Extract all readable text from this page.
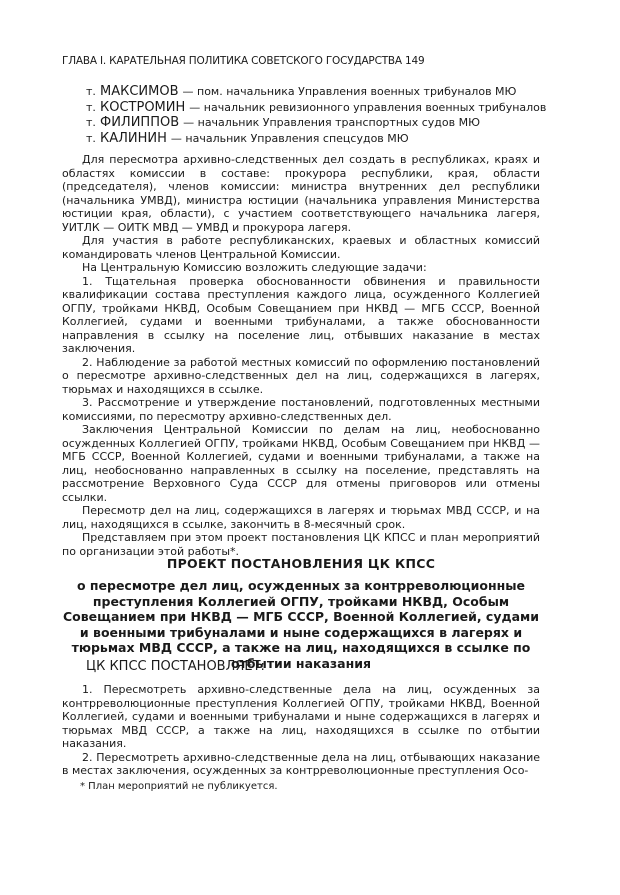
ГЛАВА I. КАРАТЕЛЬНАЯ ПОЛИТИКА СОВЕТСКОГО ГОСУДАРСТВА 149
т. МАКСИМОВ — пом. начальника Управления военных трибуналов МЮ
т. КОСТРОМИН — начальник ревизионного управления военных трибуналов
т. ФИЛИППОВ — начальник Управления транспортных судов МЮ
т. КАЛИНИН — начальник Управления спецсудов МЮ

Для пересмотра архивно-следственных дел создать в республиках, краях и областях комиссии в составе: прокурора республики, края, области (председателя), членов комиссии: министра внутренних дел республики (начальника УМВД), министра юстиции (начальника управления Министерства юстиции края, области), с участием соответствующего начальника лагеря, УИТЛК — ОИТК МВД — УМВД и прокурора лагеря.

Для участия в работе республиканских, краевых и областных комиссий командировать членов Центральной Комиссии.

На Центральную Комиссию возложить следующие задачи:

1. Тщательная проверка обоснованности обвинения и правильности квалификации состава преступления каждого лица, осужденного Коллегией ОГПУ, тройками НКВД, Особым Совещанием при НКВД — МГБ СССР, Военной Коллегией, судами и военными трибуналами, а также обоснованности направления в ссылку на поселение лиц, отбывших наказание в местах заключения.

2. Наблюдение за работой местных комиссий по оформлению постановлений о пересмотре архивно-следственных дел на лиц, содержащихся в лагерях, тюрьмах и находящихся в ссылке.

3. Рассмотрение и утверждение постановлений, подготовленных местными комиссиями, по пересмотру архивно-следственных дел.

Заключения Центральной Комиссии по делам на лиц, необоснованно осужденных Коллегией ОГПУ, тройками НКВД, Особым Совещанием при НКВД — МГБ СССР, Военной Коллегией, судами и военными трибуналами, а также на лиц, необоснованно направленных в ссылку на поселение, представлять на рассмотрение Верховного Суда СССР для отмены приговоров или отмены ссылки.

Пересмотр дел на лиц, содержащихся в лагерях и тюрьмах МВД СССР, и на лиц, находящихся в ссылке, закончить в 8-месячный срок.

Представляем при этом проект постановления ЦК КПСС и план мероприятий по организации этой работы*.

ПРОЕКТ ПОСТАНОВЛЕНИЯ ЦК КПСС
о пересмотре дел лиц, осужденных за контрреволюционные преступления Коллегией ОГПУ, тройками НКВД, Особым Совещанием при НКВД — МГБ СССР, Военной Коллегией, судами и военными трибуналами и ныне содержащихся в лагерях и тюрьмах МВД СССР, а также на лиц, находящихся в ссылке по отбытии наказания
ЦК КПСС ПОСТАНОВЛЯЕТ:

1. Пересмотреть архивно-следственные дела на лиц, осужденных за контрреволюционные преступления Коллегией ОГПУ, тройками НКВД, Военной Коллегией, судами и военными трибуналами и ныне содержащихся в лагерях и тюрьмах МВД СССР, а также на лиц, находящихся в ссылке по отбытии наказания.

2. Пересмотреть архивно-следственные дела на лиц, отбывающих наказание в местах заключения, осужденных за контрреволюционные преступления Осо-

* План мероприятий не публикуется.
